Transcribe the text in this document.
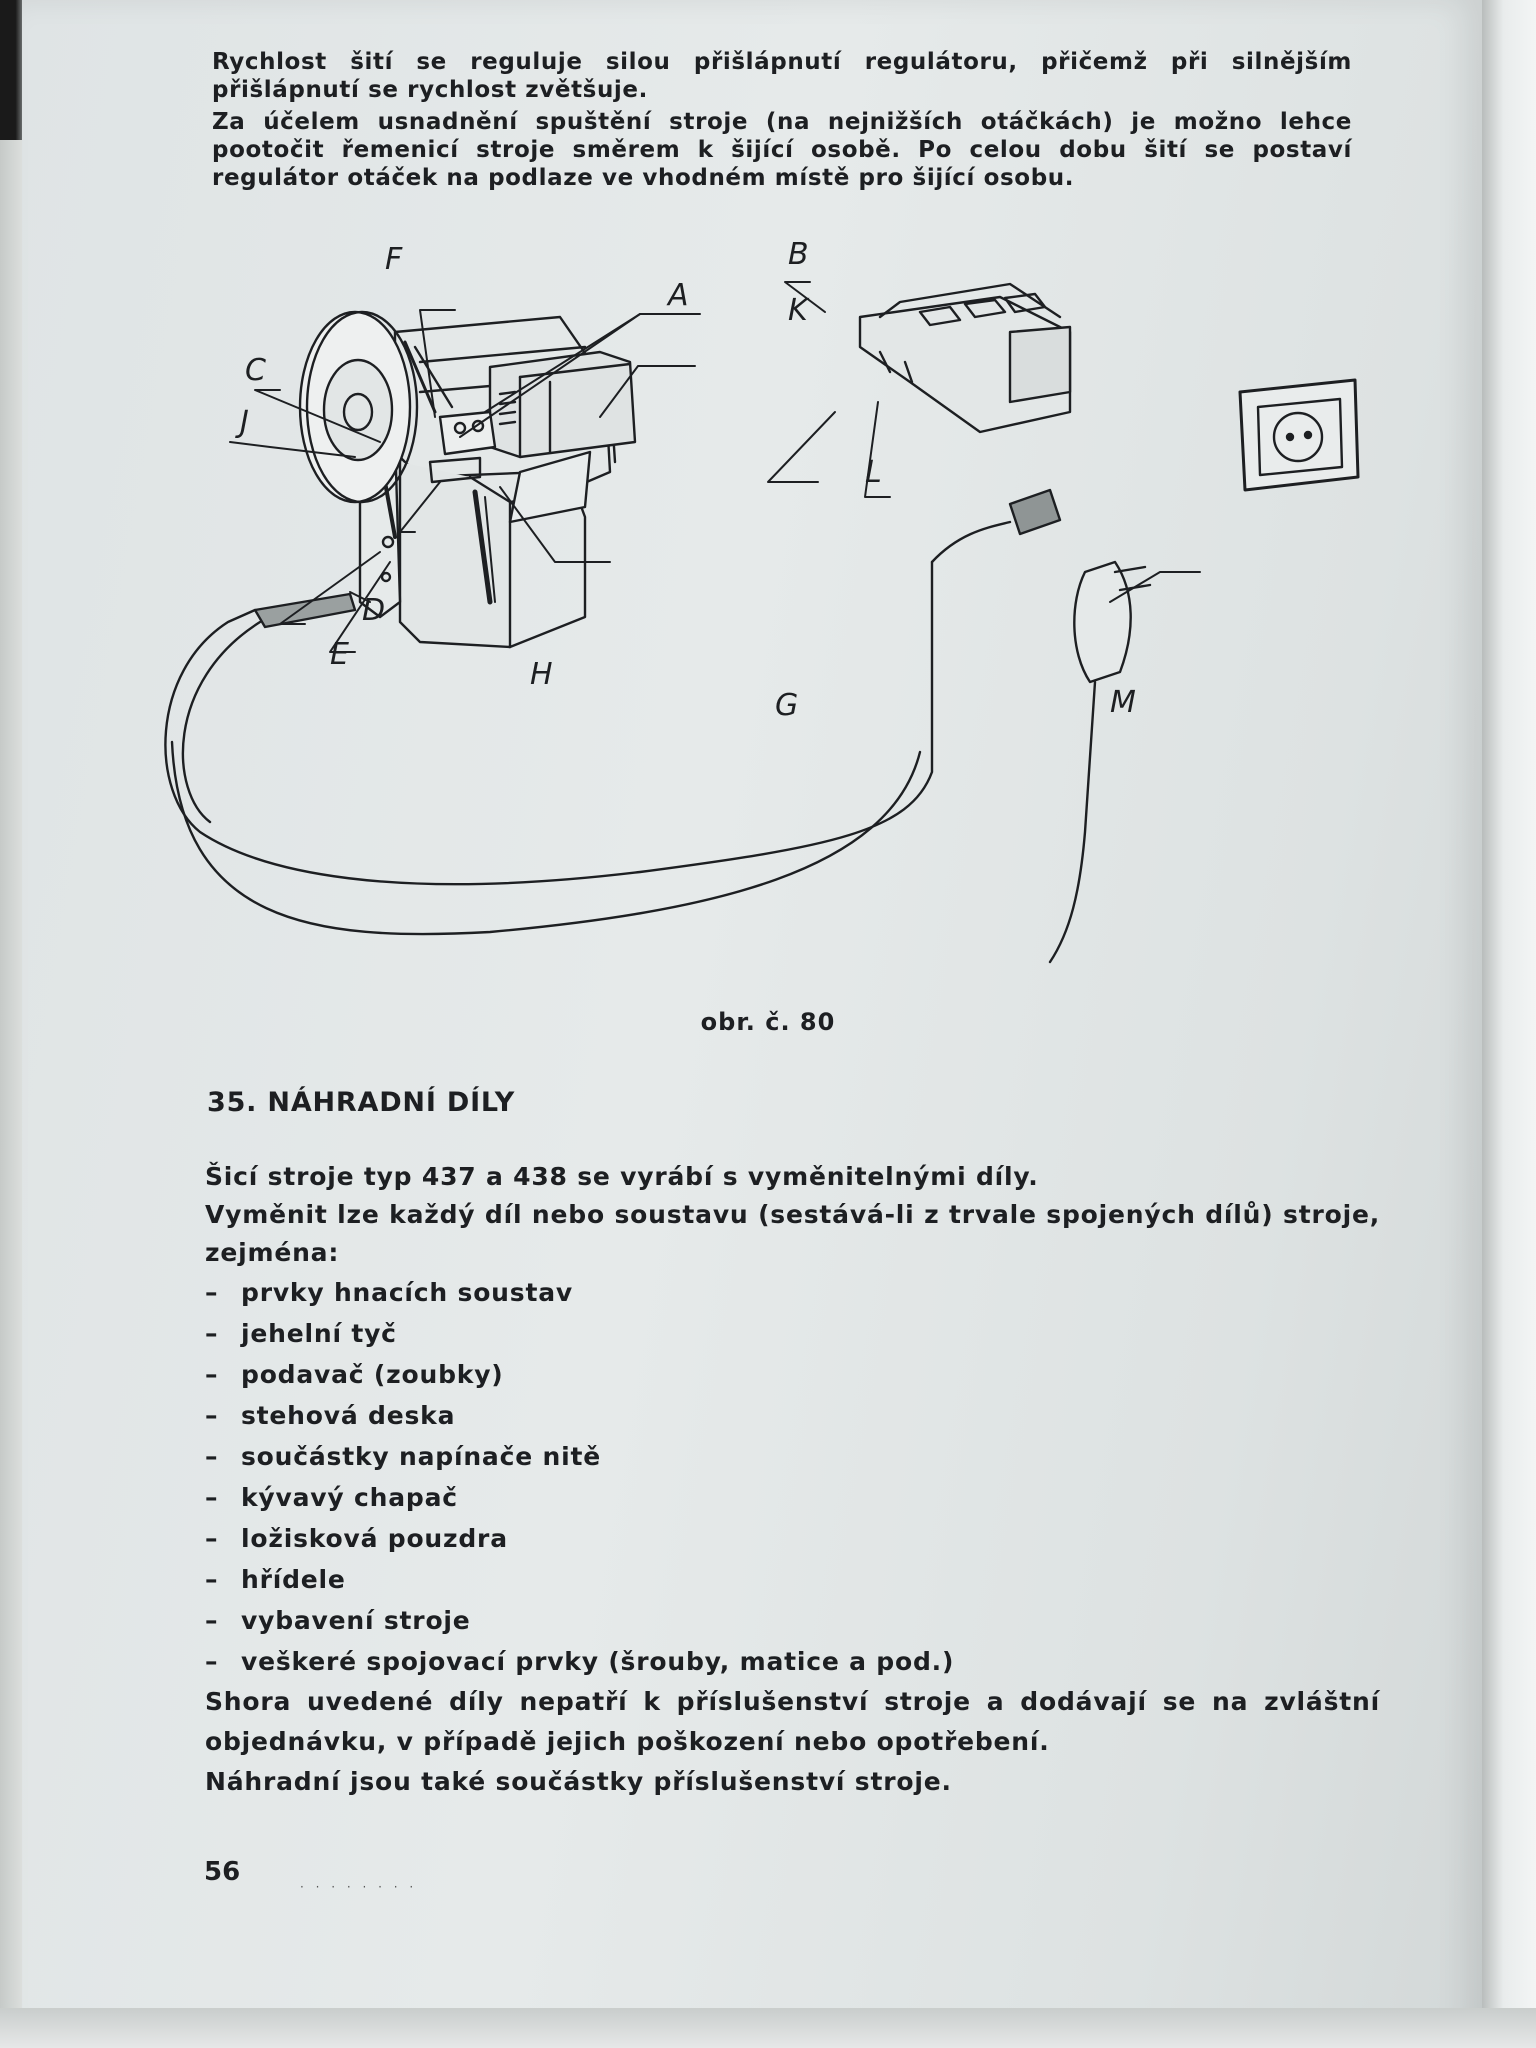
Rychlost šití se reguluje silou přišlápnutí regulátoru, přičemž při silnějším přišlápnutí se rychlost zvětšuje.

Za účelem usnadnění spuštění stroje (na nejnižších otáčkách) je možno lehce pootočit řemenicí stroje směrem k šijící osobě. Po celou dobu šití se postaví regulátor otáček na podlaze ve vhodném místě pro šijící osobu.

A
B
C
D
E
F
G
H
J
K
L
M
obr. č. 80
35. NÁHRADNÍ DÍLY

Šicí stroje typ 437 a 438 se vyrábí s vyměnitelnými díly.

Vyměnit lze každý díl nebo soustavu (sestává-li z trvale spojených dílů) stroje, zejména:

– prvky hnacích soustav
– jehelní tyč
– podavač (zoubky)
– stehová deska
– součástky napínače nitě
– kývavý chapač
– ložisková pouzdra
– hřídele
– vybavení stroje
– veškeré spojovací prvky (šrouby, matice a pod.)

Shora uvedené díly nepatří k příslušenství stroje a dodávají se na zvláštní objednávku, v případě jejich poškození nebo opotřebení.

Náhradní jsou také součástky příslušenství stroje.

56	· · · · · · · ·
